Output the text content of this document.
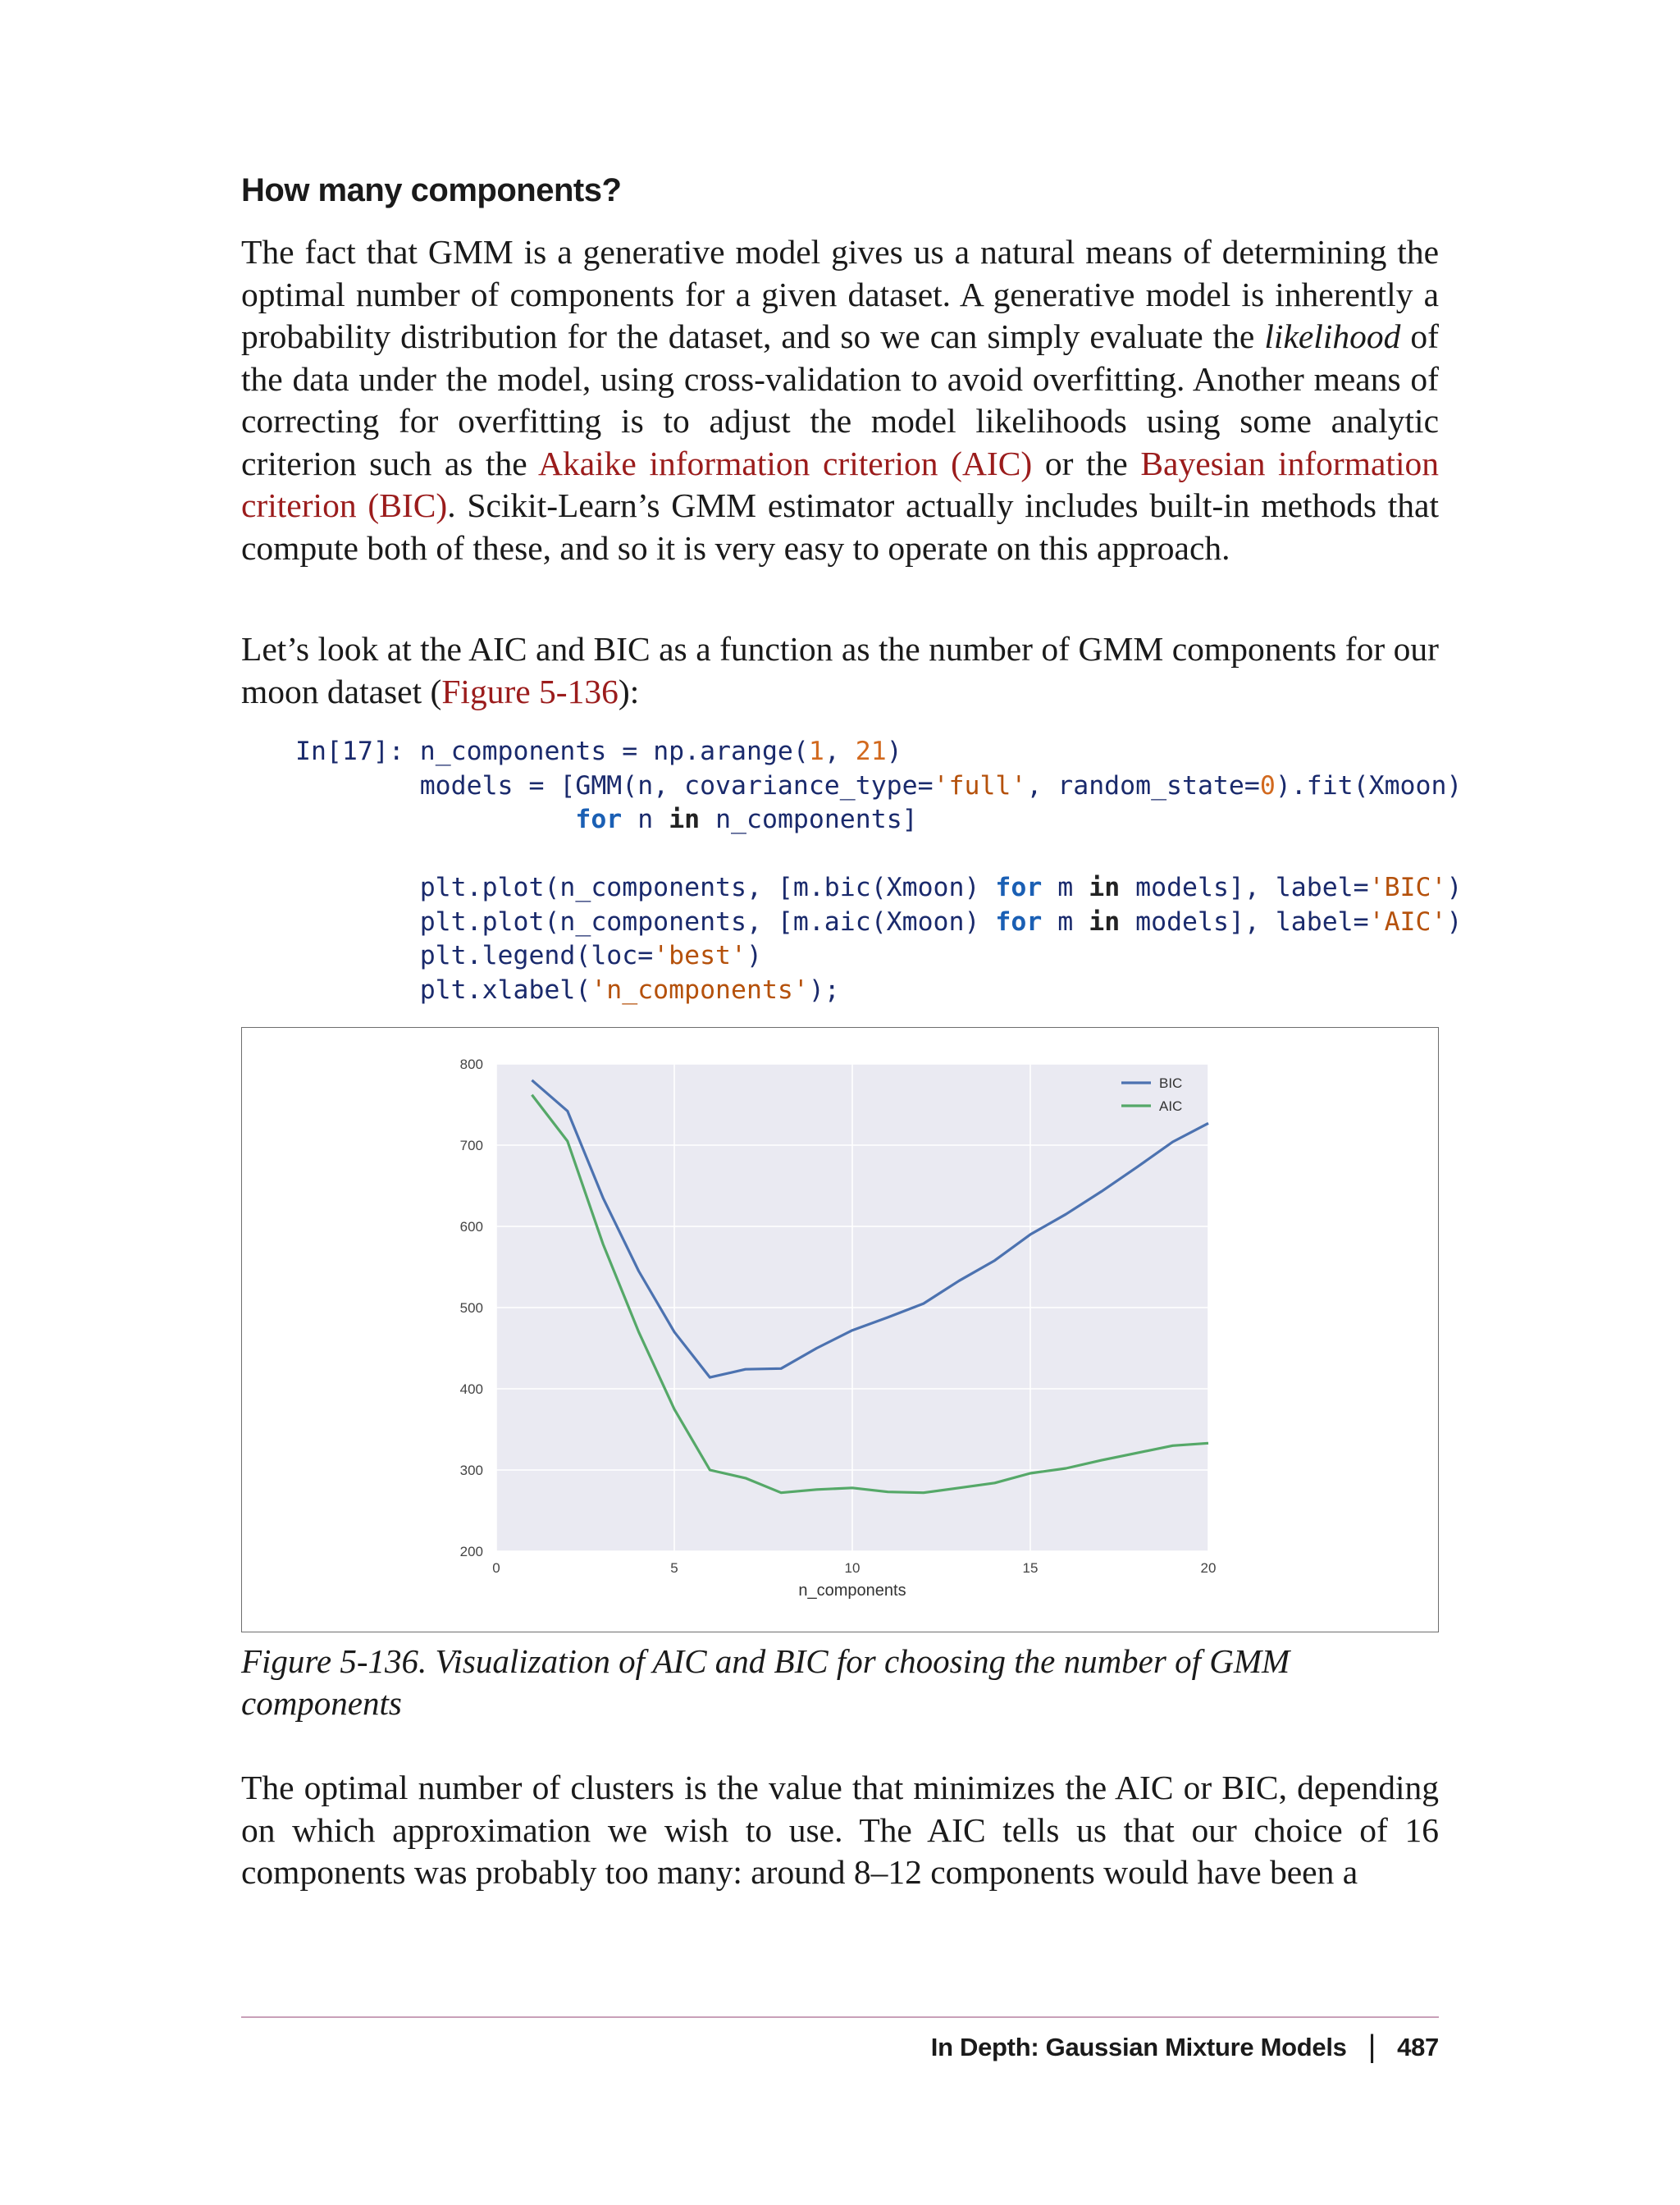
How many components?

The fact that GMM is a generative model gives us a natural means of determining the optimal number of components for a given dataset. A generative model is inherently a probability distribution for the dataset, and so we can simply evaluate the likelihood of the data under the model, using cross-validation to avoid overfitting. Another means of correcting for overfitting is to adjust the model likelihoods using some analytic criterion such as the Akaike information criterion (AIC) or the Bayesian information criterion (BIC). Scikit-Learn’s GMM estimator actually includes built-in methods that compute both of these, and so it is very easy to operate on this approach.

Let’s look at the AIC and BIC as a function as the number of GMM components for our moon dataset (Figure 5-136):

In[17]: n_components = np.arange(1, 21)
models = [GMM(n, covariance_type='full', random_state=0).fit(Xmoon)
for n in n_components]

plt.plot(n_components, [m.bic(Xmoon) for m in models], label='BIC')
plt.plot(n_components, [m.aic(Xmoon) for m in models], label='AIC')
plt.legend(loc='best')
plt.xlabel('n_components');
200
300
400
500
600
700
800
0	5	10	15	20
n_components
BIC
AIC

Figure 5-136. Visualization of AIC and BIC for choosing the number of GMM components

The optimal number of clusters is the value that minimizes the AIC or BIC, depending on which approximation we wish to use. The AIC tells us that our choice of 16 components was probably too many: around 8–12 components would have been a

In Depth: Gaussian Mixture Models | 487
